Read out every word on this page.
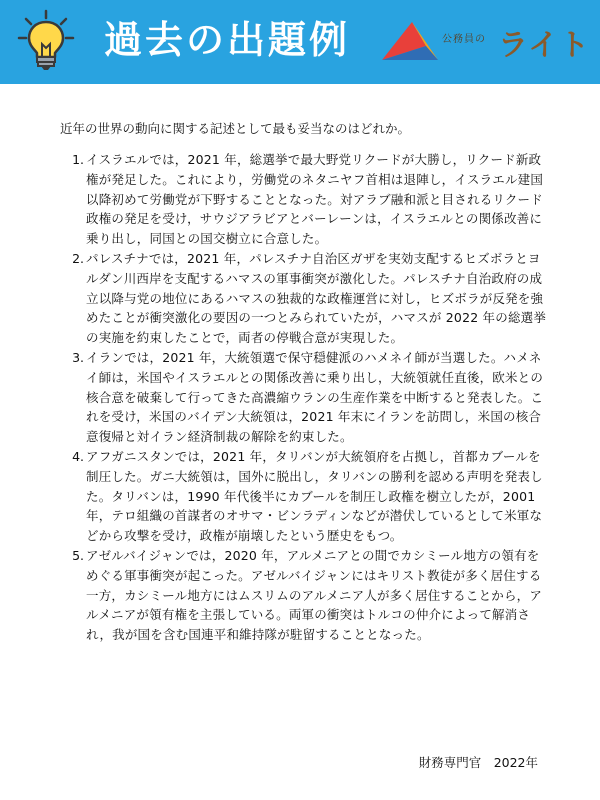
過去の出題例	公務員の ライト
近年の世界の動向に関する記述として最も妥当なのはどれか。
1. イスラエルでは，2021 年，総選挙で最大野党リクードが大勝し，リクード新政権が発足した。これにより，労働党のネタニヤフ首相は退陣し，イスラエル建国以降初めて労働党が下野することとなった。対アラブ融和派と目されるリクード政権の発足を受け，サウジアラビアとバーレーンは，イスラエルとの関係改善に乗り出し，同国との国交樹立に合意した。
2. パレスチナでは，2021 年，パレスチナ自治区ガザを実効支配するヒズボラとヨルダン川西岸を支配するハマスの軍事衝突が激化した。パレスチナ自治政府の成立以降与党の地位にあるハマスの独裁的な政権運営に対し，ヒズボラが反発を強めたことが衝突激化の要因の一つとみられていたが，ハマスが 2022 年の総選挙の実施を約束したことで，両者の停戦合意が実現した。
3. イランでは，2021 年，大統領選で保守穏健派のハメネイ師が当選した。ハメネイ師は，米国やイスラエルとの関係改善に乗り出し，大統領就任直後，欧米との核合意を破棄して行ってきた高濃縮ウランの生産作業を中断すると発表した。これを受け，米国のバイデン大統領は，2021 年末にイランを訪問し，米国の核合意復帰と対イラン経済制裁の解除を約束した。
4. アフガニスタンでは，2021 年，タリバンが大統領府を占拠し，首都カブールを制圧した。ガニ大統領は，国外に脱出し，タリバンの勝利を認める声明を発表した。タリバンは，1990 年代後半にカブールを制圧し政権を樹立したが，2001 年，テロ組織の首謀者のオサマ・ビンラディンなどが潜伏しているとして米軍などから攻撃を受け，政権が崩壊したという歴史をもつ。
5. アゼルバイジャンでは，2020 年，アルメニアとの間でカシミール地方の領有をめぐる軍事衝突が起こった。アゼルバイジャンにはキリスト教徒が多く居住する一方，カシミール地方にはムスリムのアルメニア人が多く居住することから，アルメニアが領有権を主張している。両軍の衝突はトルコの仲介によって解消され，我が国を含む国連平和維持隊が駐留することとなった。
財務専門官　2022年
